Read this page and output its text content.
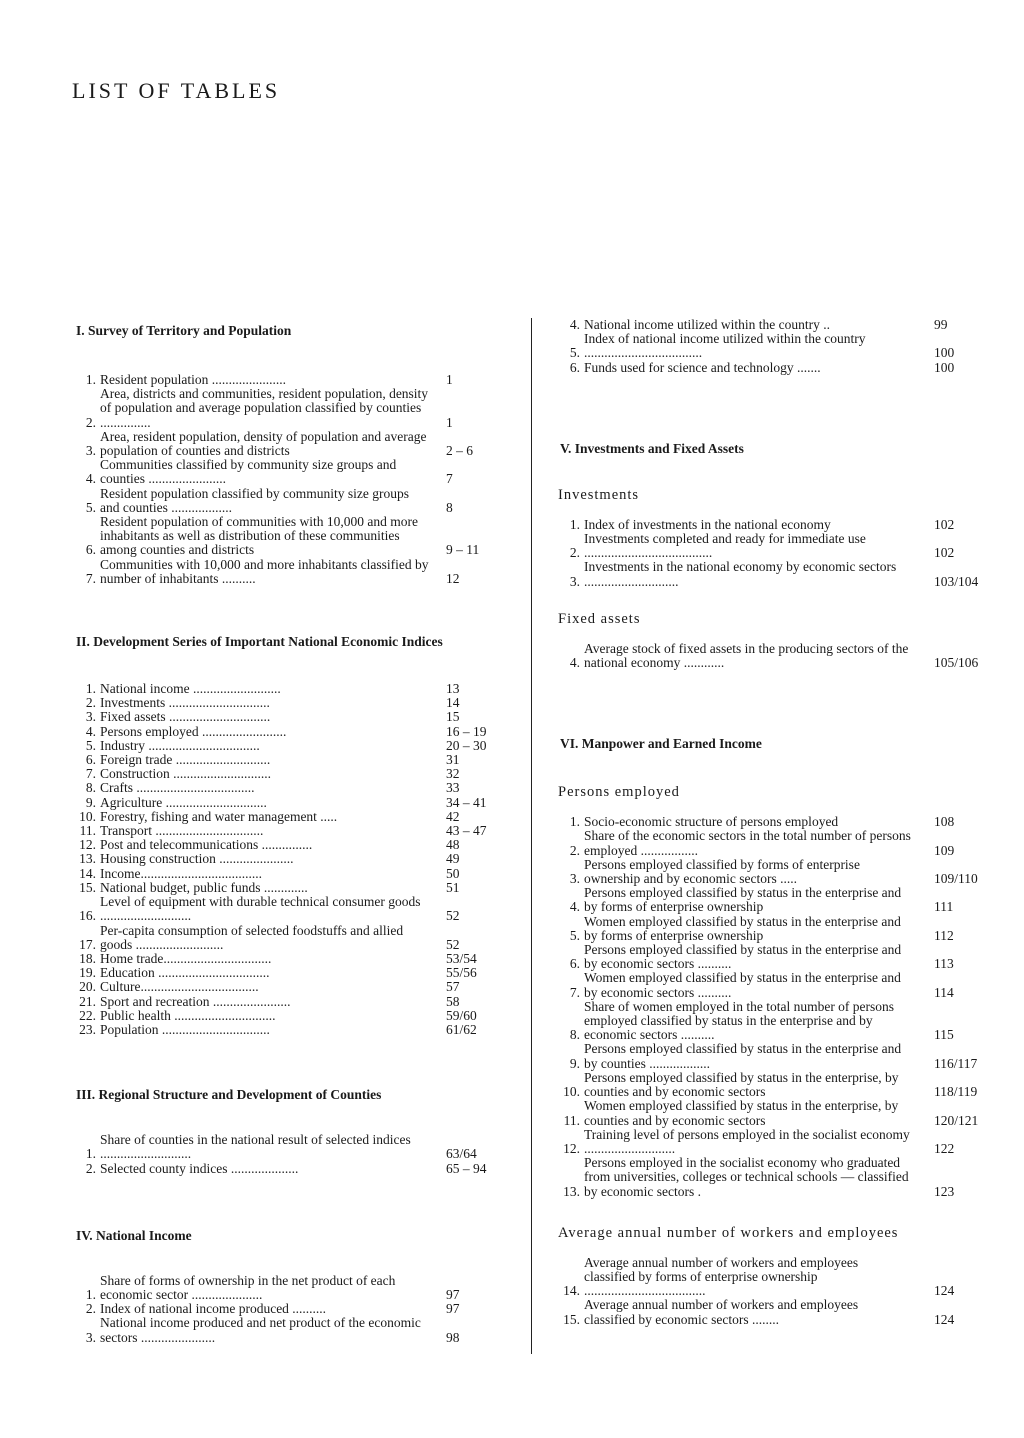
LIST OF TABLES
I. Survey of Territory and Population
1. Resident population ......................	1
2.
Area, districts and communities, resident population, density of population and average population classified by counties ...............	1
3.
Area, resident population, density of population and average population of counties and districts	2 – 6
4.
Communities classified by community size groups and counties .......................	7
5.
Resident population classified by community size groups and counties ..................	8
6.
Resident population of communities with 10,000 and more inhabitants as well as distribution of these communities among counties and districts	9 – 11
7.
Communities with 10,000 and more inhabitants classified by number of inhabitants ..........	12
II. Development Series of Important National Economic Indices
1. National income ..........................	13
2. Investments ..............................	14
3. Fixed assets ..............................	15
4. Persons employed .........................	16 – 19
5. Industry .................................	20 – 30
6. Foreign trade ............................	31
7. Construction .............................	32
8. Crafts ...................................	33
9. Agriculture ..............................	34 – 41
10. Forestry, fishing and water management .....	42
11. Transport ................................	43 – 47
12. Post and telecommunications ...............	48
13. Housing construction ......................	49
14. Income....................................	50
15. National budget, public funds .............	51
16.
Level of equipment with durable technical consumer goods ...........................	52
17.
Per-capita consumption of selected foodstuffs and allied goods ..........................	52
18. Home trade................................	53/54
19. Education .................................	55/56
20. Culture...................................	57
21. Sport and recreation .......................	58
22. Public health ..............................	59/60
23. Population ................................	61/62
III. Regional Structure and Development of Counties
1.
Share of counties in the national result of selected indices ...........................	63/64
2. Selected county indices ....................	65 – 94
IV. National Income
1.
Share of forms of ownership in the net product of each economic sector .....................	97
2. Index of national income produced ..........	97
3.
National income produced and net product of the economic sectors ......................	98
4. National income utilized within the country ..	99
5.
Index of national income utilized within the country ...................................	100
6. Funds used for science and technology .......	100
V. Investments and Fixed Assets
Investments
1. Index of investments in the national economy	102
2.
Investments completed and ready for immediate use ......................................	102
3.
Investments in the national economy by economic sectors ............................	103/104
Fixed assets
4.
Average stock of fixed assets in the producing sectors of the national economy ............	105/106
VI. Manpower and Earned Income
Persons employed
1. Socio-economic structure of persons employed	108
2.
Share of the economic sectors in the total number of persons employed .................	109
3.
Persons employed classified by forms of enterprise ownership and by economic sectors .....	109/110
4.
Persons employed classified by status in the enterprise and by forms of enterprise ownership	111
5.
Women employed classified by status in the enterprise and by forms of enterprise ownership	112
6.
Persons employed classified by status in the enterprise and by economic sectors ..........	113
7.
Women employed classified by status in the enterprise and by economic sectors ..........	114
8.
Share of women employed in the total number of persons employed classified by status in the enterprise and by economic sectors ..........	115
9.
Persons employed classified by status in the enterprise and by counties ..................	116/117
10.
Persons employed classified by status in the enterprise, by counties and by economic sectors	118/119
11.
Women employed classified by status in the enterprise, by counties and by economic sectors	120/121
12.
Training level of persons employed in the socialist economy ...........................	122
13.
Persons employed in the socialist economy who graduated from universities, colleges or technical schools — classified by economic sectors .	123
Average annual number of workers and employees
14.
Average annual number of workers and employees classified by forms of enterprise ownership ....................................	124
15.
Average annual number of workers and employees classified by economic sectors ........	124
